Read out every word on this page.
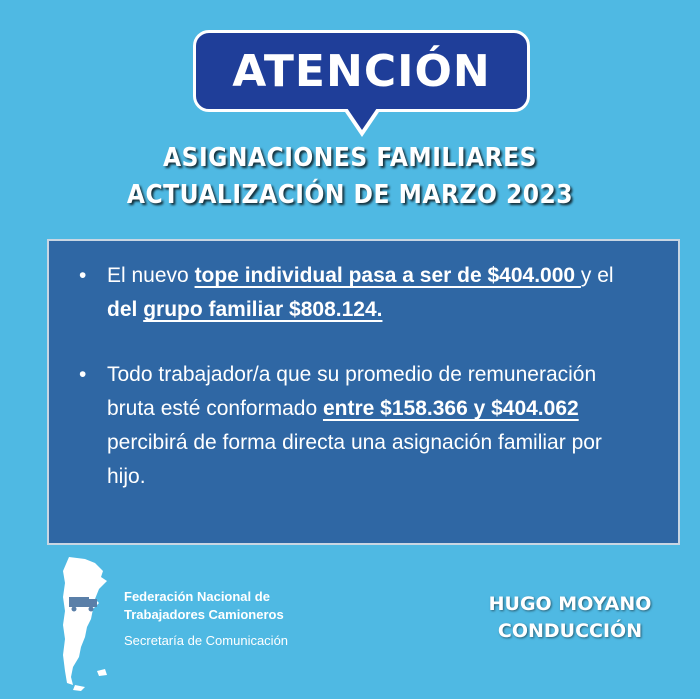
ATENCIÓN
ASIGNACIONES FAMILIARES
ACTUALIZACIÓN DE MARZO 2023
• El nuevo tope individual pasa a ser de $404.000 y el del grupo familiar $808.124.
• Todo trabajador/a que su promedio de remuneración bruta esté conformado entre $158.366 y $404.062 percibirá de forma directa una asignación familiar por hijo.
Federación Nacional de
Trabajadores Camioneros
Secretaría de Comunicación
HUGO MOYANO
CONDUCCIÓN
